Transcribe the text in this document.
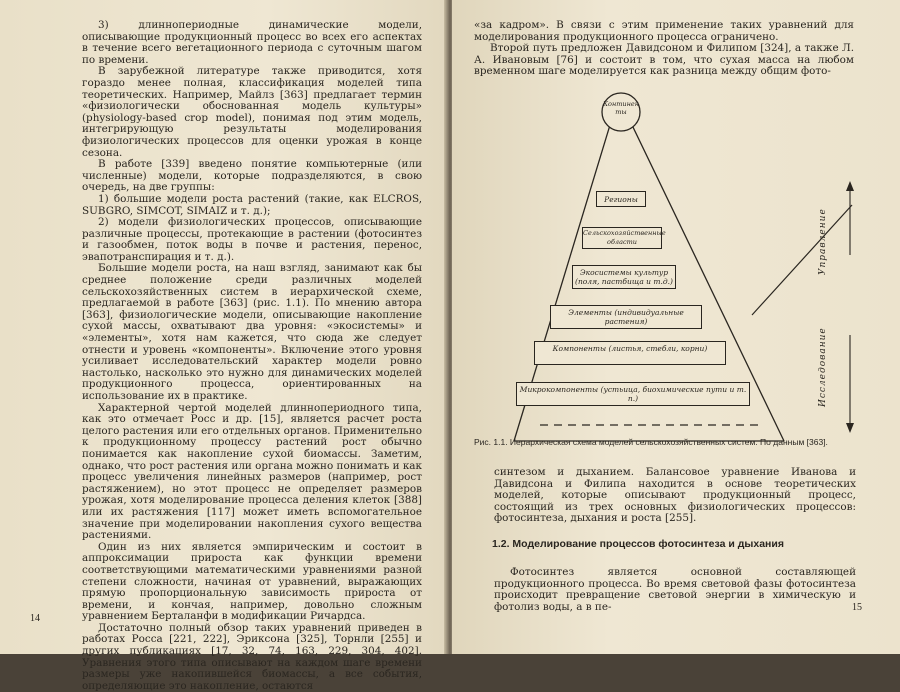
3) длиннопериодные динамические модели, описывающие продукционный процесс во всех его аспектах в течение всего вегетационного периода с суточным шагом по времени.

В зарубежной литературе также приводится, хотя гораздо менее полная, классификация моделей типа теоретических. Например, Майлз [363] предлагает термин «физиологически обоснованная модель культуры» (physiology-based crop model), понимая под этим модель, интегрирующую результаты моделирования физиологических процессов для оценки урожая в конце сезона.

В работе [339] введено понятие компьютерные (или численные) модели, которые подразделяются, в свою очередь, на две группы:

1) большие модели роста растений (такие, как ELCROS, SUBGRO, SIMCOT, SIMAIZ и т. д.);

2) модели физиологических процессов, описывающие различные процессы, протекающие в растении (фотосинтез и газообмен, поток воды в почве и растения, перенос, эвапотранспирация и т. д.).

Большие модели роста, на наш взгляд, занимают как бы среднее положение среди различных моделей сельскохозяйственных систем в иерархической схеме, предлагаемой в работе [363] (рис. 1.1). По мнению автора [363], физиологические модели, описывающие накопление сухой массы, охватывают два уровня: «экосистемы» и «элементы», хотя нам кажется, что сюда же следует отнести и уровень «компоненты». Включение этого уровня усиливает исследовательский характер модели ровно настолько, насколько это нужно для динамических моделей продукционного процесса, ориентированных на использование их в практике.

Характерной чертой моделей длиннопериодного типа, как это отмечает Росс и др. [15], является расчет роста целого растения или его отдельных органов. Применительно к продукционному процессу растений рост обычно понимается как накопление сухой биомассы. Заметим, однако, что рост растения или органа можно понимать и как процесс увеличения линейных размеров (например, рост растяжением), но этот процесс не определяет размеров урожая, хотя моделирование процесса деления клеток [388] или их растяжения [117] может иметь вспомогательное значение при моделировании накопления сухого вещества растениями.

Один из них является эмпирическим и состоит в аппроксимации прироста как функции времени соответствующими математическими уравнениями разной степени сложности, начиная от уравнений, выражающих прямую пропорциональную зависимость прироста от времени, и кончая, например, довольно сложным уравнением Берталанфи в модификации Ричардса.

Достаточно полный обзор таких уравнений приведен в работах Росса [221, 222], Эриксона [325], Торнли [255] и других публикациях [17, 32, 74, 163, 229, 304, 402]. Уравнения этого типа описывают на каждом шаге времени размеры уже накопившейся биомассы, а все события, определяющие это накопление, остаются

14

«за кадром». В связи с этим применение таких уравнений для моделирования продукционного процесса ограничено.

Второй путь предложен Давидсоном и Филипом [324], а также Л. А. Ивановым [76] и состоит в том, что сухая масса на любом временном шаге моделируется как разница между общим фото-

Континенты
Регионы
Сельскохозяйственные области
Экосистемы культур (поля, пастбища и т.д.)
Элементы (индивидуальные растения)
Компоненты (листья, стебли, корни)
Микрокомпоненты (устьица, биохимические пути и т. п.)
Управление
Исследование
Рис. 1.1. Иерархическая схема моделей сельскохозяйственных систем. По данным [363].

синтезом и дыханием. Балансовое уравнение Иванова и Давидсона и Филипа находится в основе теоретических моделей, которые описывают продукционный процесс, состоящий из трех основных физиологических процессов: фотосинтеза, дыхания и роста [255].

1.2. Моделирование процессов фотосинтеза и дыхания

Фотосинтез является основной составляющей продукционного процесса. Во время световой фазы фотосинтеза происходит превращение световой энергии в химическую и фотолиз воды, а в пе-	15
